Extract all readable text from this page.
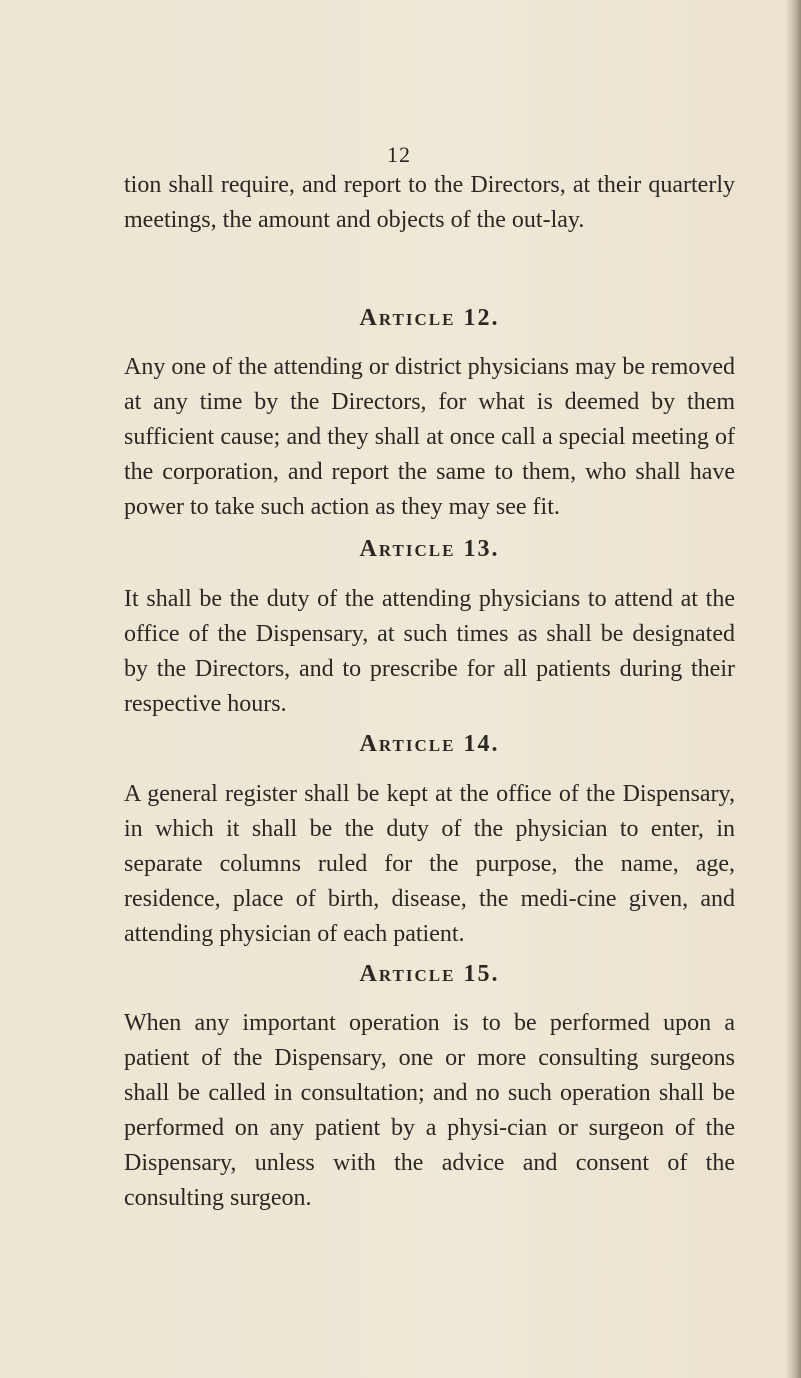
12

tion shall require, and report to the Directors, at their quarterly meetings, the amount and objects of the out-lay.

Article 12.

Any one of the attending or district physicians may be removed at any time by the Directors, for what is deemed by them sufficient cause; and they shall at once call a special meeting of the corporation, and report the same to them, who shall have power to take such action as they may see fit.

Article 13.

It shall be the duty of the attending physicians to attend at the office of the Dispensary, at such times as shall be designated by the Directors, and to prescribe for all patients during their respective hours.

Article 14.

A general register shall be kept at the office of the Dispensary, in which it shall be the duty of the physician to enter, in separate columns ruled for the purpose, the name, age, residence, place of birth, disease, the medi-cine given, and attending physician of each patient.

Article 15.

When any important operation is to be performed upon a patient of the Dispensary, one or more consulting surgeons shall be called in consultation; and no such operation shall be performed on any patient by a physi-cian or surgeon of the Dispensary, unless with the advice and consent of the consulting surgeon.
